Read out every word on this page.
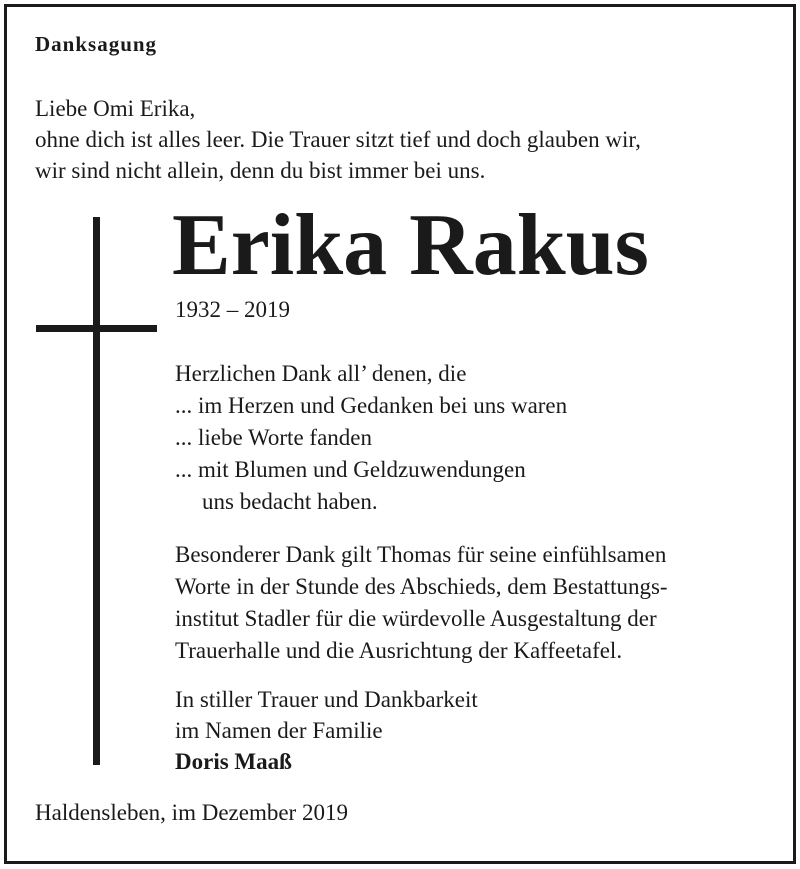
Danksagung
Liebe Omi Erika,
ohne dich ist alles leer. Die Trauer sitzt tief und doch glauben wir,
wir sind nicht allein, denn du bist immer bei uns.
Erika Rakus
1932 – 2019
Herzlichen Dank all’ denen, die
... im Herzen und Gedanken bei uns waren
... liebe Worte fanden
... mit Blumen und Geldzuwendungen
uns bedacht haben.
Besonderer Dank gilt Thomas für seine einfühlsamen
Worte in der Stunde des Abschieds, dem Bestattungs-
institut Stadler für die würdevolle Ausgestaltung der
Trauerhalle und die Ausrichtung der Kaffeetafel.
In stiller Trauer und Dankbarkeit
im Namen der Familie
Doris Maaß
Haldensleben, im Dezember 2019
